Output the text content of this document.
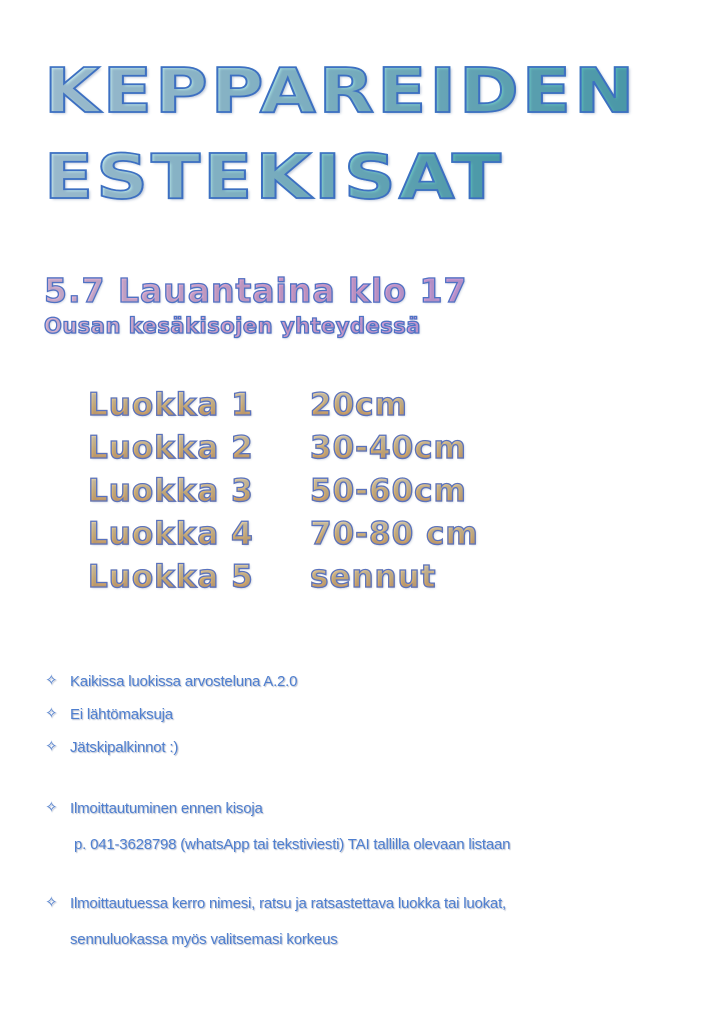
KEPPAREIDEN
ESTEKISAT
5.7 Lauantaina klo 17
Ousan kesäkisojen yhteydessä
Luokka 1 20cm
Luokka 2 30-40cm
Luokka 3 50-60cm
Luokka 4 70-80 cm
Luokka 5 sennut
✧ Kaikissa luokissa arvosteluna A.2.0
✧ Ei lähtömaksuja
✧ Jätskipalkinnot :)
✧ Ilmoittautuminen ennen kisoja
p. 041-3628798 (whatsApp tai tekstiviesti) TAI tallilla olevaan listaan
✧ Ilmoittautuessa kerro nimesi, ratsu ja ratsastettava luokka tai luokat,
sennuluokassa myös valitsemasi korkeus
